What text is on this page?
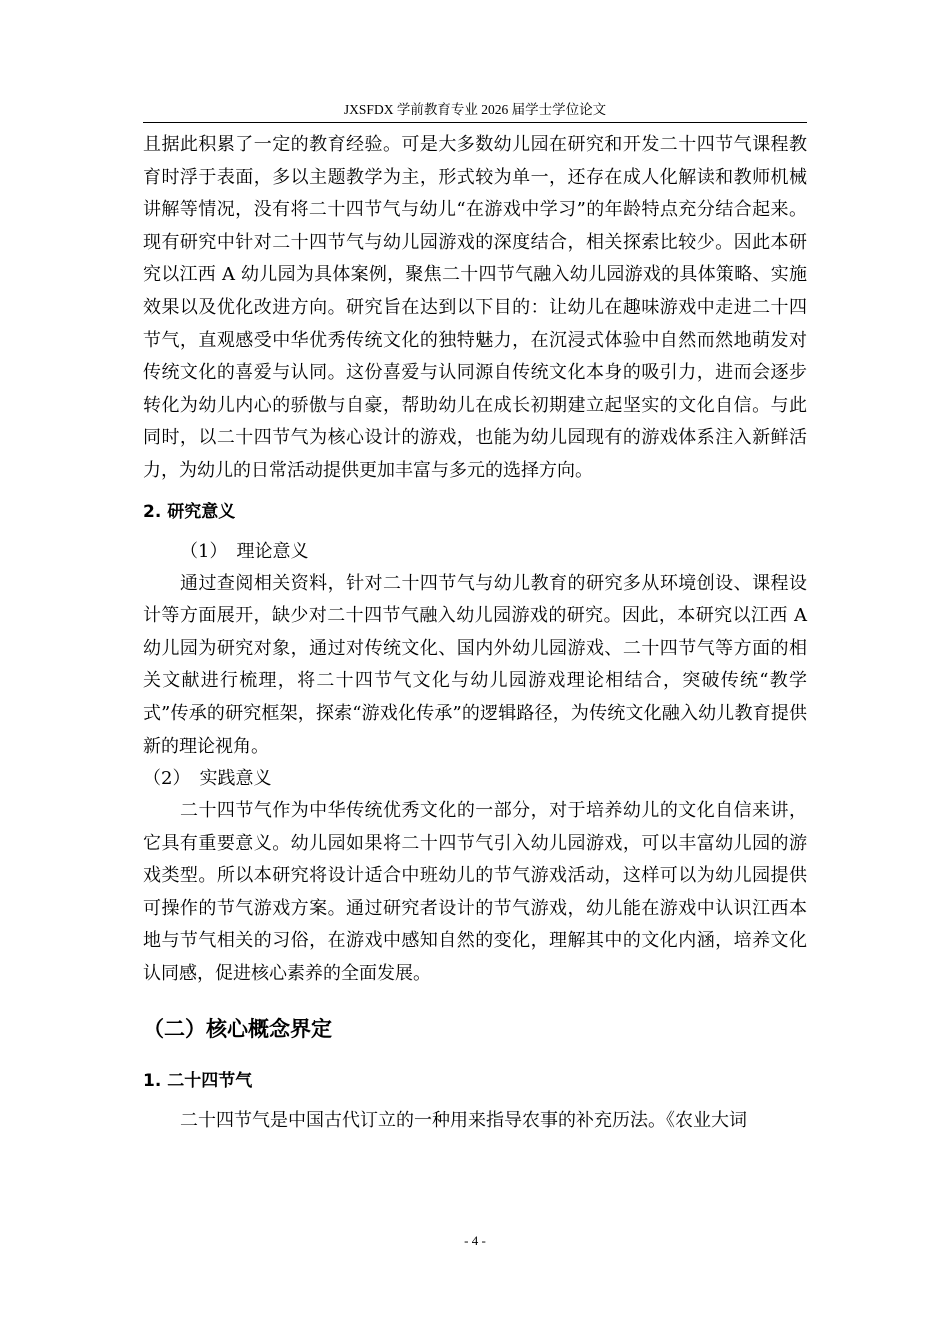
JXSFDX 学前教育专业 2026 届学士学位论文

且据此积累了一定的教育经验。可是大多数幼儿园在研究和开发二十四节气课程教育时浮于表面，多以主题教学为主，形式较为单一，还存在成人化解读和教师机械讲解等情况，没有将二十四节气与幼儿“在游戏中学习”的年龄特点充分结合起来。现有研究中针对二十四节气与幼儿园游戏的深度结合，相关探索比较少。因此本研究以江西 A 幼儿园为具体案例，聚焦二十四节气融入幼儿园游戏的具体策略、实施效果以及优化改进方向。研究旨在达到以下目的：让幼儿在趣味游戏中走进二十四节气，直观感受中华优秀传统文化的独特魅力，在沉浸式体验中自然而然地萌发对传统文化的喜爱与认同。这份喜爱与认同源自传统文化本身的吸引力，进而会逐步转化为幼儿内心的骄傲与自豪，帮助幼儿在成长初期建立起坚实的文化自信。与此同时，以二十四节气为核心设计的游戏，也能为幼儿园现有的游戏体系注入新鲜活力，为幼儿的日常活动提供更加丰富与多元的选择方向。

2. 研究意义

（1）　理论意义

通过查阅相关资料，针对二十四节气与幼儿教育的研究多从环境创设、课程设计等方面展开，缺少对二十四节气融入幼儿园游戏的研究。因此，本研究以江西 A 幼儿园为研究对象，通过对传统文化、国内外幼儿园游戏、二十四节气等方面的相关文献进行梳理，将二十四节气文化与幼儿园游戏理论相结合，突破传统“教学式”传承的研究框架，探索“游戏化传承”的逻辑路径，为传统文化融入幼儿教育提供新的理论视角。

（2）　实践意义

二十四节气作为中华传统优秀文化的一部分，对于培养幼儿的文化自信来讲，它具有重要意义。幼儿园如果将二十四节气引入幼儿园游戏，可以丰富幼儿园的游戏类型。所以本研究将设计适合中班幼儿的节气游戏活动，这样可以为幼儿园提供可操作的节气游戏方案。通过研究者设计的节气游戏，幼儿能在游戏中认识江西本地与节气相关的习俗，在游戏中感知自然的变化，理解其中的文化内涵，培养文化认同感，促进核心素养的全面发展。

（二）核心概念界定
1. 二十四节气

二十四节气是中国古代订立的一种用来指导农事的补充历法。《农业大词

- 4 -
